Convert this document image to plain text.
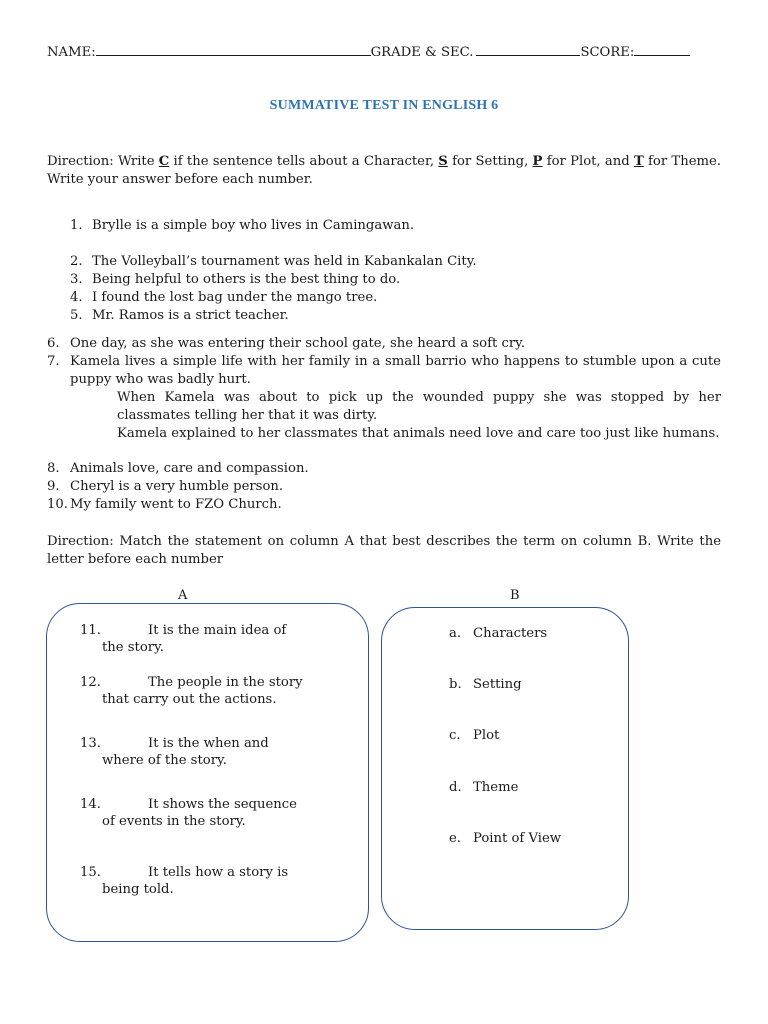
NAME:	GRADE & SEC.	SCORE:
SUMMATIVE TEST IN ENGLISH 6
Direction: Write C if the sentence tells about a Character, S for Setting, P for Plot, and T for Theme. Write your answer before each number.
1. Brylle is a simple boy who lives in Camingawan.
2. The Volleyball’s tournament was held in Kabankalan City.
3. Being helpful to others is the best thing to do.
4. I found the lost bag under the mango tree.
5. Mr. Ramos is a strict teacher.
6. One day, as she was entering their school gate, she heard a soft cry.
7. Kamela lives a simple life with her family in a small barrio who happens to stumble upon a cute puppy who was badly hurt.
When Kamela was about to pick up the wounded puppy she was stopped by her classmates telling her that it was dirty.
Kamela explained to her classmates that animals need love and care too just like humans.
8. Animals love, care and compassion.
9. Cheryl is a very humble person.
10. My family went to FZO Church.
Direction: Match the statement on column A that best describes the term on column B. Write the letter before each number
A	B
11.	It is the main idea of
the story.
12.	The people in the story
that carry out the actions.
13.	It is the when and
where of the story.
14.	It shows the sequence
of events in the story.
15.	It tells how a story is
being told.
a. Characters
b. Setting
c. Plot
d. Theme
e. Point of View
